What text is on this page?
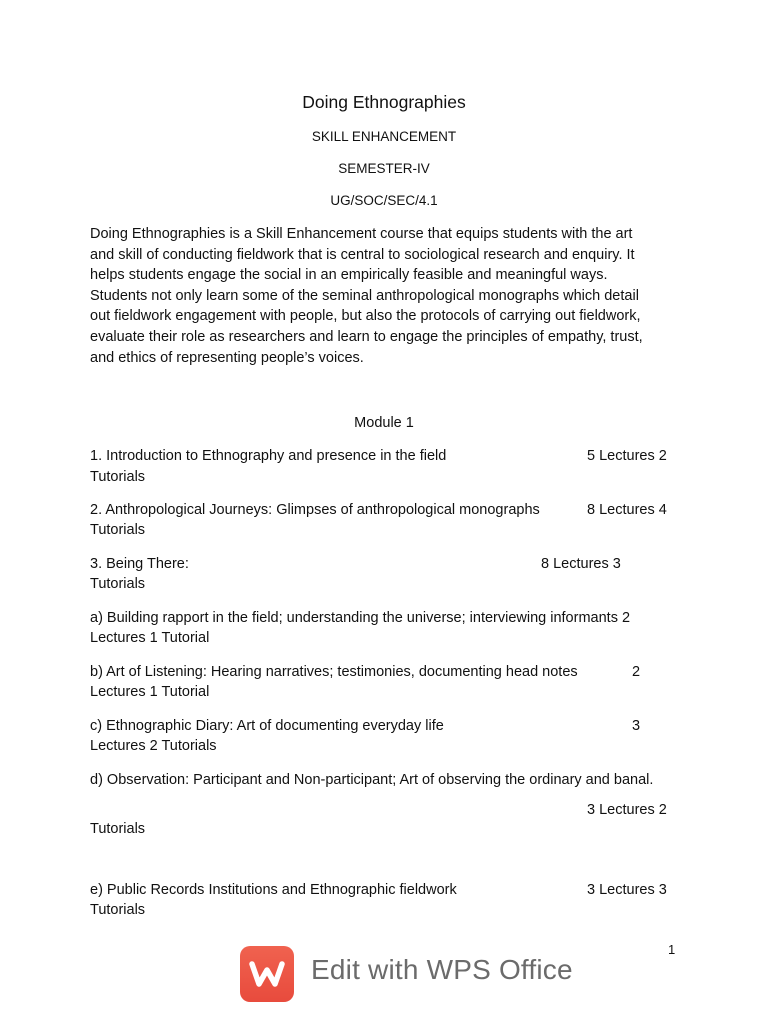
Doing Ethnographies
SKILL ENHANCEMENT
SEMESTER-IV
UG/SOC/SEC/4.1
Doing Ethnographies is a Skill Enhancement course that equips students with the art
and skill of conducting fieldwork that is central to sociological research and enquiry. It
helps students engage the social in an empirically feasible and meaningful ways.
Students not only learn some of the seminal anthropological monographs which detail
out fieldwork engagement with people, but also the protocols of carrying out fieldwork,
evaluate their role as researchers and learn to engage the principles of empathy, trust,
and ethics of representing people’s voices.
Module 1
1. Introduction to Ethnography and presence in the field	5 Lectures 2
Tutorials
2. Anthropological Journeys: Glimpses of anthropological monographs	8 Lectures 4
Tutorials
3. Being There:	8 Lectures 3
Tutorials
a) Building rapport in the field; understanding the universe; interviewing informants 2
Lectures 1 Tutorial
b) Art of Listening: Hearing narratives; testimonies, documenting head notes	2
Lectures 1 Tutorial
c) Ethnographic Diary: Art of documenting everyday life	3
Lectures 2 Tutorials
d) Observation: Participant and Non-participant; Art of observing the ordinary and banal.
3 Lectures 2
Tutorials
e) Public Records Institutions and Ethnographic fieldwork	3 Lectures 3
Tutorials
1
Edit with WPS Office
